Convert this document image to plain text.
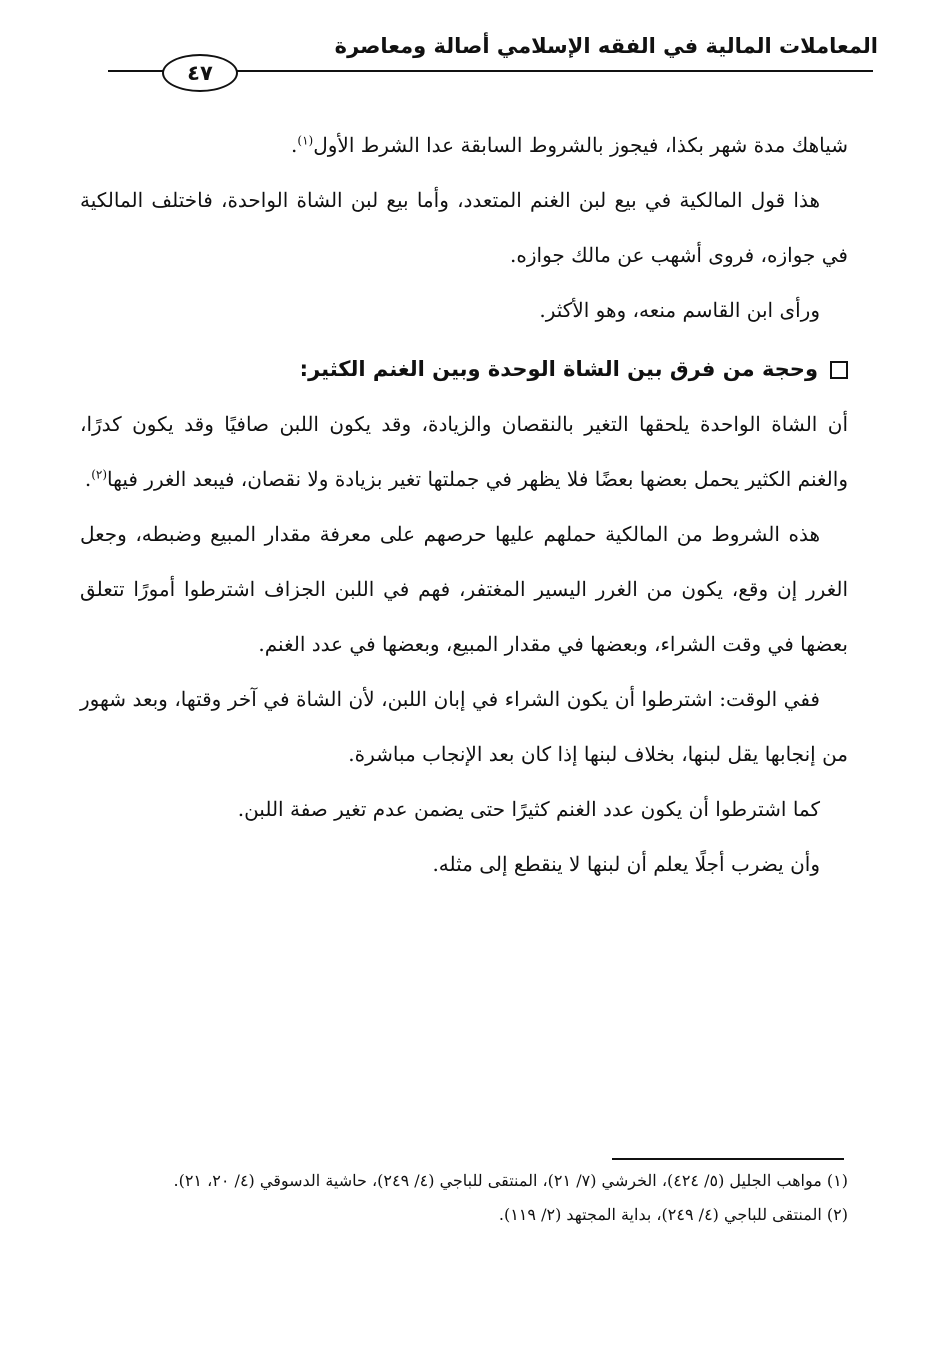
المعاملات المالية في الفقه الإسلامي أصالة ومعاصرة
٤٧

شياهك مدة شهر بكذا، فيجوز بالشروط السابقة عدا الشرط الأول$^{(١)}$.

هذا قول المالكية في بيع لبن الغنم المتعدد، وأما بيع لبن الشاة الواحدة، فاختلف المالكية في جوازه، فروى أشهب عن مالك جوازه.

ورأى ابن القاسم منعه، وهو الأكثر.

وحجة من فرق بين الشاة الوحدة وبين الغنم الكثير:

أن الشاة الواحدة يلحقها التغير بالنقصان والزيادة، وقد يكون اللبن صافيًا وقد يكون كدرًا، والغنم الكثير يحمل بعضها بعضًا فلا يظهر في جملتها تغير بزيادة ولا نقصان، فيبعد الغرر فيها$^{(٢)}$.

هذه الشروط من المالكية حملهم عليها حرصهم على معرفة مقدار المبيع وضبطه، وجعل الغرر إن وقع، يكون من الغرر اليسير المغتفر، فهم في اللبن الجزاف اشترطوا أمورًا تتعلق بعضها في وقت الشراء، وبعضها في مقدار المبيع، وبعضها في عدد الغنم.

ففي الوقت: اشترطوا أن يكون الشراء في إبان اللبن، لأن الشاة في آخر وقتها، وبعد شهور من إنجابها يقل لبنها، بخلاف لبنها إذا كان بعد الإنجاب مباشرة.

كما اشترطوا أن يكون عدد الغنم كثيرًا حتى يضمن عدم تغير صفة اللبن.

وأن يضرب أجلًا يعلم أن لبنها لا ينقطع إلى مثله.

(١) مواهب الجليل (٥/ ٤٢٤)، الخرشي (٧/ ٢١)، المنتقى للباجي (٤/ ٢٤٩)، حاشية الدسوقي (٤/ ٢٠، ٢١).

(٢) المنتقى للباجي (٤/ ٢٤٩)، بداية المجتهد (٢/ ١١٩).
